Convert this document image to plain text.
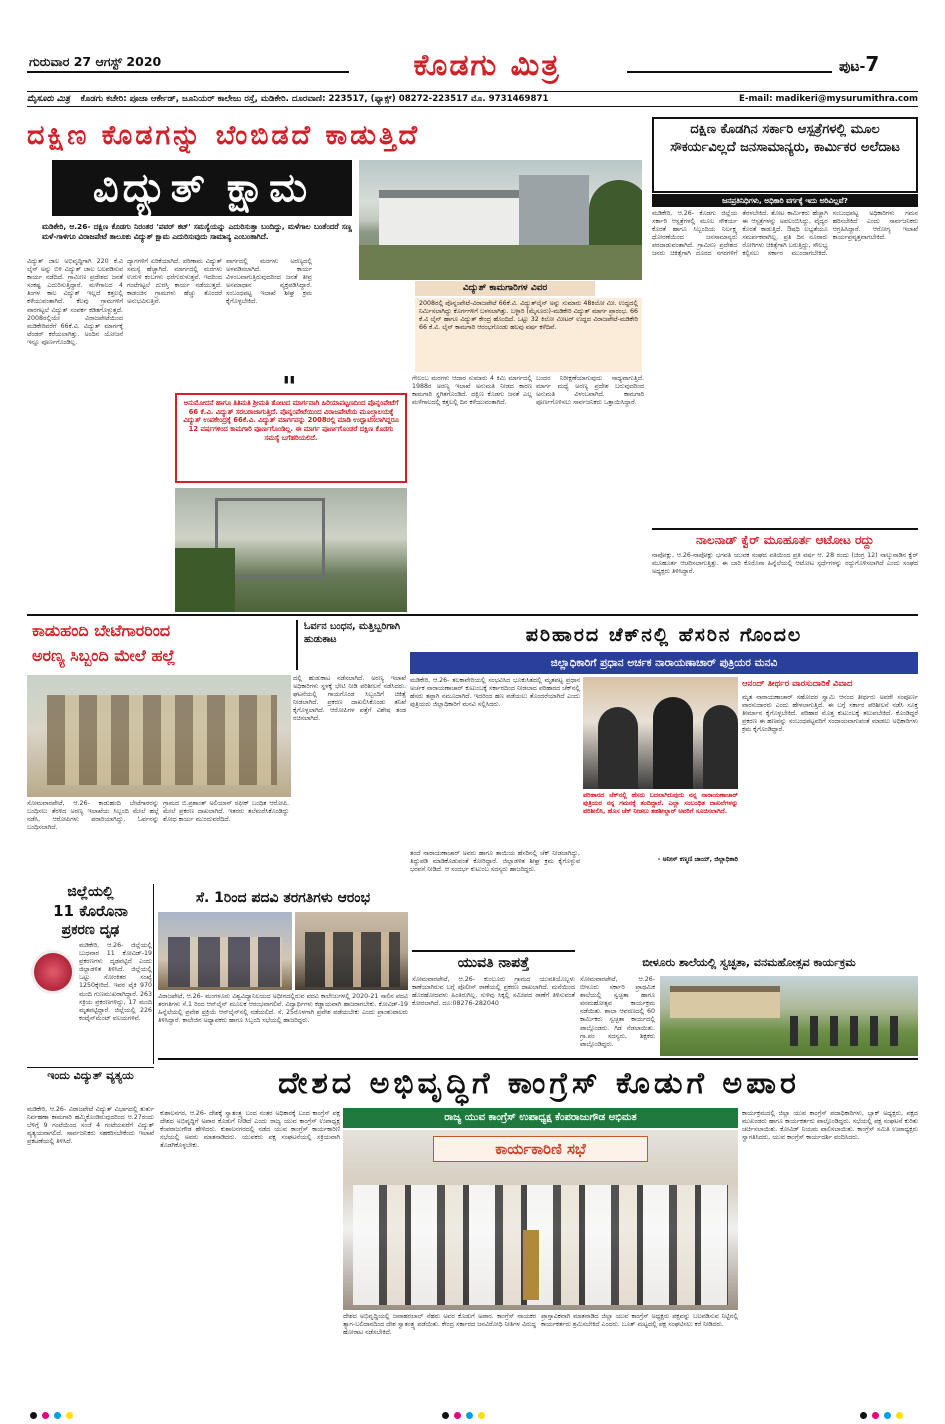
ಗುರುವಾರ 27 ಆಗಸ್ಟ್ 2020	ಕೊಡಗು ಮಿತ್ರ	ಪುಟ-7
ಮೈಸೂರು ಮಿತ್ರ ಕೊಡಗು ಕಚೇರಿ: ಪೂಜಾ ಆರ್ಕೇಡ್, ಜೂನಿಯರ್ ಕಾಲೇಜು ರಸ್ತೆ, ಮಡಿಕೇರಿ. ದೂರವಾಣಿ: 223517, (ಫ್ಯಾಕ್ಸ್) 08272-223517 ಮೊ. 9731469871	E-mail: madikeri@mysurumithra.com
ದಕ್ಷಿಣ ಕೊಡಗನ್ನು ಬೆಂಬಿಡದೆ ಕಾಡುತ್ತಿದೆ
ವಿದ್ಯುತ್ ಕ್ಷಾಮ
ಮಡಿಕೇರಿ, ಆ.26- ದಕ್ಷಿಣ ಕೊಡಗು ನಿರಂತರ 'ಪವರ್ ಕಟ್' ಸಮಸ್ಯೆಯನ್ನು ಎದುರಿಸುತ್ತಾ ಬಂದಿದ್ದು, ಮಳೆಗಾಲ ಬಂತೆಂದರೆ ಸಣ್ಣ ಮಳೆ-ಗಾಳಿಗೂ ವಿರಾಜಪೇಟೆ ತಾಲೂಕು ವಿದ್ಯುತ್ ಕ್ಷಾಮ ಎದುರಿಸುವುದು ಸಾಮಾನ್ಯ ಎಂಬಂತಾಗಿದೆ.
ವಿದ್ಯುತ್ ಜಾಲ ಅಭಿವೃದ್ಧಿಗಾಗಿ 220 ಕೆ.ವಿ ಲೈನ್ ಅನ್ನು ಬಿಳಿ ವಿದ್ಯುತ್ ಜಾಲ ಬಲಪಡಿಸುವ ಕಾರ್ಯ ನಡೆದಿದೆ. ಗ್ರಾಮೀಣ ಪ್ರದೇಶದ ಜನತೆ ಸಂಕಷ್ಟ ಎದುರಿಸುತ್ತಿದ್ದಾರೆ. ಮಳೆಗಾಲದ 4 ತಿಂಗಳ ಕಾಲ ವಿದ್ಯುತ್ ಇಲ್ಲದೆ ಕತ್ತಲಲ್ಲಿ ಕಳೆಯುವಂತಾಗಿದೆ. ಕೆಲವು ಗ್ರಾಮಗಳಿಗೆ ವಾರಗಟ್ಟಲೆ ವಿದ್ಯುತ್ ಸಂಪರ್ಕ ಕಡಿತಗೊಳ್ಳುತ್ತದೆ. 2008ರಲ್ಲಿಯೇ ವಿರಾಜಪೇಟೆಯಿಂದ ಮಡಿಕೇರಿವರೆಗೆ 66ಕೆ.ವಿ. ವಿದ್ಯುತ್ ಮಾರ್ಗಕ್ಕೆ ಟೆಂಡರ್ ಕರೆಯಲಾಗಿತ್ತು. ಅಂದಿನ ಯೋಜನೆ ಇನ್ನೂ ಪೂರ್ಣಗೊಂಡಿಲ್ಲ.
ದ್ಯಾಗಗಳಿಗೆ ಏರಿಕೆಯಾಗಿದೆ. ಪರಿಣಾಮ ವಿದ್ಯುತ್ ಸಮಸ್ಯೆ ಹೆಚ್ಚಾಗಿದೆ. ಮಾರ್ಗದಲ್ಲಿ ಮರಗಳು ಉರುಳಿ ಕಂಬಗಳು ಧರೆಗುರುಳುತ್ತವೆ. ಇದರಿಂದ ಗಂಟೆಗಟ್ಟಲೆ ದುರಸ್ತಿ ಕಾರ್ಯ ನಡೆಯುತ್ತದೆ. ಕಾಡಂಚಿನ ಗ್ರಾಮಗಳು ಹೆಚ್ಚು ತೊಂದರೆ ಅನುಭವಿಸುತ್ತಿವೆ.
ವಾರ್ಗದಲ್ಲಿ ಮರಗಳು ಅರಣ್ಯದಲ್ಲಿ ಅಳವಡಿಸಲಾಗಿದೆ. ಕಾರ್ಯ ವಿಳಂಬವಾಗುತ್ತಿರುವುದರಿಂದ ಜನತೆ ತೀವ್ರ ಅಸಮಾಧಾನ ವ್ಯಕ್ತಪಡಿಸಿದ್ದಾರೆ. ಸಂಬಂಧಪಟ್ಟ ಇಲಾಖೆ ಶೀಘ್ರ ಕ್ರಮ ಕೈಗೊಳ್ಳಬೇಕಿದೆ.
ವಿದ್ಯುತ್ ಕಾಮಗಾರಿಗಳ ವಿವರ
2008ರಲ್ಲಿ ಪೊನ್ನಂಪೇಟೆ-ವಿರಾಜಪೇಟೆ 66ಕೆ.ವಿ. ವಿದ್ಯುತ್‌ಲೈನ್ ಅನ್ನು ಸುಮಾರು 48ಕಿಲೋ ಮೀ. ಉದ್ದದಲ್ಲಿ ನಿರ್ಮಿಸಲಾಗಿದ್ದು ಕೊರ್ಗಗಳಿಗೆ ಬಳಸಲಾಗಿತ್ತು. ಬಳ್ಳಾರಿ (ಮೈಸೂರು)-ಮಡಿಕೇರಿ ವಿದ್ಯುತ್ ಮಾರ್ಗ ಪ್ರಾರಂಭ. 66 ಕೆ.ವಿ ಲೈನ್ ಹಾಗೂ ವಿದ್ಯುತ್ ಕೇಂದ್ರ ಹೊಂದಿದೆ. ಒಟ್ಟು 32 ಕಿಲೋ ಮೀಟರ್ ಉದ್ದದ ವಿರಾಜಪೇಟೆ-ಮಡಿಕೇರಿ 66 ಕೆ.ವಿ. ಲೈನ್ ಕಾಮಗಾರಿ ಆರಂಭಗೊಂಡು ಹಲವು ವರ್ಷ ಕಳೆದಿವೆ.
"
ಅನುಮೋದನೆ ಹಾಗೂ ತಿತಿಮತಿ ಶ್ರೀಮತಿ ತೋಟದ ಮಾರ್ಗವಾಗಿ ಹಿರಿಯಾಪಟ್ಟಣದಿಂದ ಪೊನ್ನಂಪೇಟೆಗೆ 66 ಕೆ.ವಿ. ವಿದ್ಯುತ್ ಸರಬರಾಜಾಗುತ್ತಿದೆ. ಪೊನ್ನಂಪೇಟೆಯಿಂದ ವಿರಾಜಪೇಟೆಯ ಮೂಲ್ತಾಲಯಕ್ಕೆ ವಿದ್ಯುತ್ ಉಪಕೇಂದ್ರಕ್ಕೆ 66ಕೆ.ವಿ. ವಿದ್ಯುತ್ ಮಾರ್ಗವನ್ನು 2008ರಲ್ಲಿ ಮಾಡಿ ಉದ್ಘಾಟಿಸಲಾಗಿದ್ದರೂ 12 ವರ್ಷಗಳಿಂದ ಕಾಮಗಾರಿ ಪೂರ್ಣಗೊಂಡಿಲ್ಲ. ಈ ಮಾರ್ಗ ಪೂರ್ಣಗೊಂಡರೆ ದಕ್ಷಿಣ ಕೊಡಗು ಸಮಸ್ಯೆ ಬಗೆಹರಿಯಲಿದೆ.
ಗೇಲಂಬ ಮರಗಳು ಆದಾರ ಸುಮಾರು 4 ಕಿಮಿ ಮಾರ್ಗದಲ್ಲಿ 1988ರ ಅರಣ್ಯ ಇಲಾಖೆ ಅನುಮತಿ ನೀಡದ ಕಾರಣ ಕಾಮಗಾರಿ ಸ್ಥಗಿತಗೊಂಡಿದೆ. ದಕ್ಷಿಣ ಕೊಡಗು ಜನತೆ ಎಲ್ಲ ಮಳೆಗಾಲದಲ್ಲಿ ಕತ್ತಲಲ್ಲಿ ದಿನ ಕಳೆಯುವಂತಾಗಿದೆ.
ಬಂದರ ನಿರೀಕ್ಷಣೆಯಾಗುವುದು ಸಾಧ್ಯವಾಗುತ್ತಿದೆ. ಮಾರ್ಗ ಮಧ್ಯೆ ಅರಣ್ಯ ಪ್ರದೇಶ ಬರುವುದರಿಂದ ಅನುಮತಿ ವಿಳಂಬವಾಗಿದೆ. ಕಾಮಗಾರಿ ಪೂರ್ಣಗೊಳಿಸಲು ಸಾರ್ವಜನಿಕರು ಒತ್ತಾಯಿಸಿದ್ದಾರೆ.
ದಕ್ಷಿಣ ಕೊಡಗಿನ ಸರ್ಕಾರಿ ಆಸ್ಪತ್ರೆಗಳಲ್ಲಿ ಮೂಲ ಸೌಕರ್ಯವಿಲ್ಲದೆ ಜನಸಾಮಾನ್ಯರು, ಕಾರ್ಮಿಕರ ಅಲೆದಾಟ
ಜನಪ್ರತಿನಿಧಿಗಳು, ಅಧಿಕಾರಿ ವರ್ಗಕ್ಕೆ ಇದು ಅರಿವಿಲ್ಲವೆ?
ಮಡಿಕೇರಿ, ಆ.26- ಕೊಡಗು ಜಿಲ್ಲೆಯ ಸರ್ಕಾರಿ ಆಸ್ಪತ್ರೆಗಳಲ್ಲಿ ಮೂಲ ಸೌಕರ್ಯ ಕೊರತೆ ಹಾಗೂ ಸಿಬ್ಬಂದಿಯ ನಿರ್ಲಕ್ಷ್ಯ ಧೋರಣೆಯಿಂದ ಜನಸಾಮಾನ್ಯರು ಪರದಾಡುವಂತಾಗಿದೆ. ಗ್ರಾಮೀಣ ಪ್ರದೇಶದ ಜನರು ಚಿಕಿತ್ಸೆಗಾಗಿ ದೂರದ ನಗರಗಳಿಗೆ ತೆರಳಬೇಕಿದೆ. ತೋಟ ಕಾರ್ಮಿಕರು ಹೆಚ್ಚಾಗಿ ಈ ಆಸ್ಪತ್ರೆಗಳನ್ನು ಅವಲಂಬಿಸಿದ್ದು, ವೈದ್ಯರ ಕೊರತೆ ಕಾಡುತ್ತಿದೆ. ಔಷಧಿ ಲಭ್ಯತೆಯೂ ಸಮರ್ಪಕವಾಗಿಲ್ಲ. ಪ್ರತಿ ದಿನ ನೂರಾರು ರೋಗಿಗಳು ಚಿಕಿತ್ಸೆಗಾಗಿ ಬರುತ್ತಿದ್ದು, ಸೌಲಭ್ಯ ಕಲ್ಪಿಸಲು ಸರ್ಕಾರ ಮುಂದಾಗಬೇಕಿದೆ. ಸಂಬಂಧಪಟ್ಟ ಅಧಿಕಾರಿಗಳು ಗಮನ ಹರಿಸಬೇಕಿದೆ ಎಂದು ಸಾರ್ವಜನಿಕರು ಆಗ್ರಹಿಸಿದ್ದಾರೆ. ಆರೋಗ್ಯ ಇಲಾಖೆ ಕಾರ್ಯಪ್ರವೃತ್ತವಾಗಬೇಕಿದೆ.
ನಾಲನಾಡ್ ಕ್ವೆರ್ ಮೂಹೂರ್ತ ಆಟೋಟ ರದ್ದು
ನಾಪೋಕ್ಲು, ಆ.26-ನಾಪೋಕ್ಲು ಭಗವತಿ ಯುವಕ ಸಂಘದ ವತಿಯಿಂದ ಪ್ರತಿ ವರ್ಷ ಆ. 28 ರಂದು (ಚಿಂಗ್ರ 12) ನಾಲ್ಕುನಾಡಿನ ಕ್ವೆರ್ ಮೂಹೂರ್ತ ಆಚರಿಸಲಾಗುತ್ತಿತ್ತು. ಈ ಬಾರಿ ಕೊರೊನಾ ಹಿನ್ನೆಲೆಯಲ್ಲಿ ಆಟೋಟ ಸ್ಪರ್ಧೆಗಳನ್ನು ರದ್ದುಗೊಳಿಸಲಾಗಿದೆ ಎಂದು ಸಂಘದ ಅಧ್ಯಕ್ಷರು ತಿಳಿಸಿದ್ದಾರೆ.
ಕಾಡುಹಂದಿ ಬೇಟೆಗಾರರಿಂದ
ಅರಣ್ಯ ಸಿಬ್ಬಂದಿ ಮೇಲೆ ಹಲ್ಲೆ
ಓರ್ವನ ಬಂಧನ, ಮತ್ತಿಬ್ಬರಿಗಾಗಿ ಹುಡುಕಾಟ
ಸೋಮವಾರಪೇಟೆ, ಆ.26- ಕಾಡುಹಂದಿ ಬೇಟೆಗಾರರನ್ನು ಬಂಧಿಸಲು ತೆರಳಿದ ಅರಣ್ಯ ಇಲಾಖೆಯ ಸಿಬ್ಬಂದಿ ಮೇಲೆ ಹಲ್ಲೆ ನಡೆಸಿ, ಆರೋಪಿಗಳು ಪರಾರಿಯಾಗಿದ್ದು, ಓರ್ವನನ್ನು ಬಂಧಿಸಲಾಗಿದೆ.
ಗ್ರಾಮದ ಬಿ.ಪ್ರಶಾಂತ್ ಅಲಿಯಾಸ್ ರಫೀಕ್ ಬಂಧಿತ ಆರೋಪಿ. ಮೇಲೆ ಪ್ರಕರಣ ದಾಖಲಾಗಿದೆ. ಇತರರು ತಲೆಮರೆಸಿಕೊಂಡಿದ್ದು ಶೋಧ ಕಾರ್ಯ ಮುಂದುವರೆದಿದೆ.
ದಲ್ಲಿ ಹುಡುಕಾಟ ನಡೆಸಲಾಗಿದೆ. ಅರಣ್ಯ ಇಲಾಖೆ ಅಧಿಕಾರಿಗಳು ಸ್ಥಳಕ್ಕೆ ಭೇಟಿ ನೀಡಿ ಪರಿಶೀಲನೆ ನಡೆಸಿದರು. ಘಟನೆಯಲ್ಲಿ ಗಾಯಗೊಂಡ ಸಿಬ್ಬಂದಿಗೆ ಚಿಕಿತ್ಸೆ ನೀಡಲಾಗಿದೆ. ಪ್ರಕರಣ ದಾಖಲಿಸಿಕೊಂಡು ತನಿಖೆ ಕೈಗೊಳ್ಳಲಾಗಿದೆ. ಆರೋಪಿಗಳ ಪತ್ತೆಗೆ ವಿಶೇಷ ತಂಡ ರಚಿಸಲಾಗಿದೆ.
ಪರಿಹಾರದ ಚೆಕ್‌ನಲ್ಲಿ ಹೆಸರಿನ ಗೊಂದಲ
ಜಿಲ್ಲಾಧಿಕಾರಿಗೆ ಪ್ರಧಾನ ಅರ್ಚಕ ನಾರಾಯಣಾಚಾರ್ ಪುತ್ರಿಯರ ಮನವಿ
ಮಡಿಕೇರಿ, ಆ.26- ತಲಕಾವೇರಿಯಲ್ಲಿ ಸಂಭವಿಸಿದ ಭೂಕುಸಿತದಲ್ಲಿ ಮೃತಪಟ್ಟ ಪ್ರಧಾನ ಅರ್ಚಕ ನಾರಾಯಣಾಚಾರ್ ಕುಟುಂಬಕ್ಕೆ ಸರ್ಕಾರದಿಂದ ನೀಡಲಾದ ಪರಿಹಾರದ ಚೆಕ್‌ನಲ್ಲಿ ಹೆಸರು ತಪ್ಪಾಗಿ ನಮೂದಾಗಿದೆ. ಇದರಿಂದ ಹಣ ಪಡೆಯಲು ತೊಂದರೆಯಾಗಿದೆ ಎಂದು ಪುತ್ರಿಯರು ಜಿಲ್ಲಾಧಿಕಾರಿಗೆ ಮನವಿ ಸಲ್ಲಿಸಿದರು.
ಪರಿಹಾರದ ಚೆಕ್‌ನಲ್ಲಿ ಹೆಸರು ಬದಲಾಗಿರುವುದು ನನ್ನ ನಾರಾಯಣಾಚಾರ್ ಪುತ್ರಿಯರ ನನ್ನ ಗಮನಕ್ಕೆ ತಂದಿದ್ದಾರೆ. ಎಲ್ಲಾ ಸಂಬಂಧಿತ ದಾಖಲೆಗಳನ್ನು ಪರಿಶೀಲಿಸಿ, ಹೊಸ ಚೆಕ್ ನೀಡಲು ತಹಶೀಲ್ದಾರ್ ಅವರಿಗೆ ಸೂಚಿಸಲಾಗಿದೆ.
- ಅನೀಸ್ ಕಣ್ಮಣಿ ಜಾಯ್, ಜಿಲ್ಲಾಧಿಕಾರಿ
ತಂದೆ ನಾರಾಯಣಾಚಾರ್ ಅವರು ಹಾಗೂ ತಾಯಿಯ ಹೆಸರಿನಲ್ಲಿ ಚೆಕ್ ನೀಡಲಾಗಿದ್ದು, ತಿದ್ದುಪಡಿ ಮಾಡಿಕೊಡುವಂತೆ ಕೋರಿದ್ದಾರೆ. ಜಿಲ್ಲಾಡಳಿತ ಶೀಘ್ರ ಕ್ರಮ ಕೈಗೊಳ್ಳುವ ಭರವಸೆ ನೀಡಿದೆ. ಆ ಸಂದರ್ಭ ಕುಟುಂಬ ಸದಸ್ಯರು ಹಾಜರಿದ್ದರು.
ಆನಂದ್ ತೀರ್ಥರ ವಾರಸುದಾರಿಕೆ ವಿವಾದ
ಮೃತ ನಾರಾಯಣಾಚಾರ್ ಸಹೋದರ ಸ್ವಾಮಿ ಆನಂದ ತೀರ್ಥರು ಅವರೇ ಸಂಪೂರ್ಣ ವಾರಸುದಾರರು ಎಂದು ಹೇಳಲಾಗುತ್ತಿದೆ. ಈ ಬಗ್ಗೆ ಸರ್ಕಾರ ಪರಿಶೀಲನೆ ನಡೆಸಿ ಸೂಕ್ತ ತೀರ್ಮಾನ ಕೈಗೊಳ್ಳಬೇಕಿದೆ. ಪರಿಹಾರ ಮೊತ್ತ ಕುಟುಂಬಕ್ಕೆ ತಲುಪಬೇಕಿದೆ. ಕೊಂಡಿದ್ದರೆ ಪ್ರಕರಣ ಈ ಹಣವನ್ನು ಸಂಬಂಧಪಟ್ಟವರಿಗೆ ಸಂದಾಯವಾಗುವಂತೆ ಮಾಡಲು ಅಧಿಕಾರಿಗಳು ಕ್ರಮ ಕೈಗೊಂಡಿದ್ದಾರೆ.
ಜಿಲ್ಲೆಯಲ್ಲಿ
11 ಕೊರೊನಾ
ಪ್ರಕರಣ ದೃಢ
ಮಡಿಕೇರಿ, ಆ.26- ಜಿಲ್ಲೆಯಲ್ಲಿ ಬುಧವಾರ 11 ಕೋವಿಡ್-19 ಪ್ರಕರಣಗಳು ದೃಢಪಟ್ಟಿದೆ ಎಂದು ಜಿಲ್ಲಾಡಳಿತ ತಿಳಿಸಿದೆ. ಜಿಲ್ಲೆಯಲ್ಲಿ ಒಟ್ಟು ಸೋಂಕಿತರ ಸಂಖ್ಯೆ 1250ಕ್ಕೇರಿದೆ. ಇವರ ಪೈಕಿ 970 ಮಂದಿ ಗುಣಮುಖರಾಗಿದ್ದಾರೆ. 263 ಸಕ್ರಿಯ ಪ್ರಕರಣಗಳಿದ್ದು, 17 ಮಂದಿ ಮೃತಪಟ್ಟಿದ್ದಾರೆ. ಜಿಲ್ಲೆಯಲ್ಲಿ 226 ಕಂಟೈನ್‌ಮೆಂಟ್ ವಲಯಗಳಿವೆ.
ಇಂದು ವಿದ್ಯುತ್ ವ್ಯತ್ಯಯ
ಮಡಿಕೇರಿ, ಆ.26- ವಿರಾಜಪೇಟೆ ವಿದ್ಯುತ್ ವಿಭಾಗದಲ್ಲಿ ತುರ್ತು ನಿರ್ವಹಣಾ ಕಾಮಗಾರಿ ಹಮ್ಮಿಕೊಂಡಿರುವುದರಿಂದ ಆ.27ರಂದು ಬೆಳಿಗ್ಗೆ 9 ಗಂಟೆಯಿಂದ ಸಂಜೆ 4 ಗಂಟೆಯವರೆಗೆ ವಿದ್ಯುತ್ ವ್ಯತ್ಯಯವಾಗಲಿದೆ. ಸಾರ್ವಜನಿಕರು ಸಹಕರಿಸಬೇಕೆಂದು ಇಲಾಖೆ ಪ್ರಕಟಣೆಯಲ್ಲಿ ತಿಳಿಸಿದೆ.
ಸೆ. 1ರಿಂದ ಪದವಿ ತರಗತಿಗಳು ಆರಂಭ
ವಿರಾಜಪೇಟೆ, ಆ.26- ಮಂಗಳೂರು ವಿಶ್ವವಿದ್ಯಾನಿಲಯದ ಅಧೀನದಲ್ಲಿರುವ ಪದವಿ ಕಾಲೇಜುಗಳಲ್ಲಿ 2020-21 ಸಾಲಿನ ಪದವಿ ತರಗತಿಗಳು ಸೆ.1 ರಿಂದ ಆನ್‌ಲೈನ್ ಮೂಲಕ ಆರಂಭವಾಗಲಿವೆ. ವಿದ್ಯಾರ್ಥಿಗಳು ಕಡ್ಡಾಯವಾಗಿ ಹಾಜರಾಗಬೇಕು. ಕೋವಿಡ್-19 ಹಿನ್ನೆಲೆಯಲ್ಲಿ ಪ್ರವೇಶ ಪ್ರಕ್ರಿಯೆ ಆನ್‌ಲೈನ್‌ನಲ್ಲಿ ನಡೆಯಲಿದೆ. ಸೆ. 25ರೊಳಗಾಗಿ ಪ್ರವೇಶ ಪಡೆಯಬೇಕು ಎಂದು ಪ್ರಾಂಶುಪಾಲರು ತಿಳಿಸಿದ್ದಾರೆ. ಕಾಲೇಜಿನ ಅಧ್ಯಾಪಕರು ಹಾಗೂ ಸಿಬ್ಬಂದಿ ಸಭೆಯಲ್ಲಿ ಹಾಜರಿದ್ದರು.
ಯುವತಿ ನಾಪತ್ತೆ
ಸೋಮವಾರಪೇಟೆ, ಆ.26- ಕುಂಬೂರು ಗ್ರಾಮದ ಯುವತಿಯೊಬ್ಬಳು ಕಾಣೆಯಾಗಿರುವ ಬಗ್ಗೆ ಪೊಲೀಸ್ ಠಾಣೆಯಲ್ಲಿ ಪ್ರಕರಣ ದಾಖಲಾಗಿದೆ. ಮನೆಯಿಂದ ಹೊರಹೋದವಳು ಹಿಂತಿರುಗಿಲ್ಲ. ಸುಳಿವು ಸಿಕ್ಕಲ್ಲಿ ಸಮೀಪದ ಠಾಣೆಗೆ ತಿಳಿಸುವಂತೆ ಕೋರಲಾಗಿದೆ. ದೂ:08276-282040
ಬೀಳೂರು ಶಾಲೆಯಲ್ಲಿ ಸ್ವಚ್ಛತಾ, ವನಮಹೋತ್ಸವ ಕಾರ್ಯಕ್ರಮ
ಸೋಮವಾರಪೇಟೆ, ಆ.26- ಬೀಳೂರು ಸರ್ಕಾರಿ ಪ್ರಾಥಮಿಕ ಶಾಲೆಯಲ್ಲಿ ಸ್ವಚ್ಛತಾ ಹಾಗೂ ವನಮಹೋತ್ಸವ ಕಾರ್ಯಕ್ರಮ ನಡೆಯಿತು. ಶಾಲಾ ಆವರಣದಲ್ಲಿ 60 ಕಾರ್ಮಿಕರು ಸ್ವಚ್ಛತಾ ಕಾರ್ಯದಲ್ಲಿ ಪಾಲ್ಗೊಂಡರು. ಗಿಡ ನೆಡಲಾಯಿತು. ಗ್ರಾ.ಪಂ ಸದಸ್ಯರು, ಶಿಕ್ಷಕರು ಪಾಲ್ಗೊಂಡಿದ್ದರು.
ದೇಶದ ಅಭಿವೃದ್ಧಿಗೆ ಕಾಂಗ್ರೆಸ್ ಕೊಡುಗೆ ಅಪಾರ
ರಾಜ್ಯ ಯುವ ಕಾಂಗ್ರೆಸ್ ಉಪಾಧ್ಯಕ್ಷ ಕೆಂಪರಾಜುಗೌಡ ಅಭಿಮತ
ಕಾರ್ಯಕಾರಿಣಿ ಸಭೆ
ಕುಶಾಲನಗರ, ಆ.26- ದೇಶಕ್ಕೆ ಸ್ವಾತಂತ್ರ್ಯ ಬಂದ ನಂತರ ಅಧಿಕಾರಕ್ಕೆ ಬಂದ ಕಾಂಗ್ರೆಸ್ ಪಕ್ಷ ದೇಶದ ಅಭಿವೃದ್ಧಿಗೆ ಅಪಾರ ಕೊಡುಗೆ ನೀಡಿದೆ ಎಂದು ರಾಜ್ಯ ಯುವ ಕಾಂಗ್ರೆಸ್ ಉಪಾಧ್ಯಕ್ಷ ಕೆಂಪರಾಜುಗೌಡ ಹೇಳಿದರು. ಕುಶಾಲನಗರದಲ್ಲಿ ನಡೆದ ಯುವ ಕಾಂಗ್ರೆಸ್ ಕಾರ್ಯಕಾರಿಣಿ ಸಭೆಯಲ್ಲಿ ಅವರು ಮಾತನಾಡಿದರು. ಯುವಕರು ಪಕ್ಷ ಸಂಘಟನೆಯಲ್ಲಿ ಸಕ್ರಿಯವಾಗಿ ತೊಡಗಿಕೊಳ್ಳಬೇಕು.
ದೇಶದ ಅಭಿವೃದ್ಧಿಯಲ್ಲಿ ಜವಾಹರಲಾಲ್ ನೆಹರು ಅವರ ಕೊಡುಗೆ ಅಪಾರ. ಕಾಂಗ್ರೆಸ್ ನಾಯಕರ ತ್ಯಾಗ-ಬಲಿದಾನದಿಂದ ದೇಶ ಸ್ವಾತಂತ್ರ್ಯ ಪಡೆಯಿತು. ಕೇಂದ್ರ ಸರ್ಕಾರದ ಜನವಿರೋಧಿ ನೀತಿಗಳ ವಿರುದ್ಧ ಹೋರಾಟ ನಡೆಸಬೇಕಿದೆ.
ಪ್ರಾಸ್ತಾವಿಕವಾಗಿ ಮಾತನಾಡಿದ ಜಿಲ್ಲಾ ಯುವ ಕಾಂಗ್ರೆಸ್ ಅಧ್ಯಕ್ಷರು ಪಕ್ಷವನ್ನು ಬಲಪಡಿಸುವ ನಿಟ್ಟಿನಲ್ಲಿ ಕಾರ್ಯಕರ್ತರು ಶ್ರಮಿಸಬೇಕಿದೆ ಎಂದರು. ಬೂತ್ ಮಟ್ಟದಲ್ಲಿ ಪಕ್ಷ ಸಂಘಟಿಸಲು ಕರೆ ನೀಡಿದರು.
ಕಾರ್ಯಕ್ರಮದಲ್ಲಿ ಜಿಲ್ಲಾ ಯುವ ಕಾಂಗ್ರೆಸ್ ಪದಾಧಿಕಾರಿಗಳು, ಬ್ಲಾಕ್ ಅಧ್ಯಕ್ಷರು, ಪಕ್ಷದ ಮುಖಂಡರು ಹಾಗೂ ಕಾರ್ಯಕರ್ತರು ಪಾಲ್ಗೊಂಡಿದ್ದರು. ಸಭೆಯಲ್ಲಿ ಪಕ್ಷ ಸಂಘಟನೆ ಕುರಿತು ಚರ್ಚಿಸಲಾಯಿತು. ಕೋವಿಡ್ ನಿಯಮ ಪಾಲಿಸಲಾಯಿತು. ಕಾಂಗ್ರೆಸ್ ಸಮಿತಿ ಉಪಾಧ್ಯಕ್ಷರು ಸ್ವಾಗತಿಸಿದರು, ಯುವ ಕಾಂಗ್ರೆಸ್ ಕಾರ್ಯದರ್ಶಿ ವಂದಿಸಿದರು.
